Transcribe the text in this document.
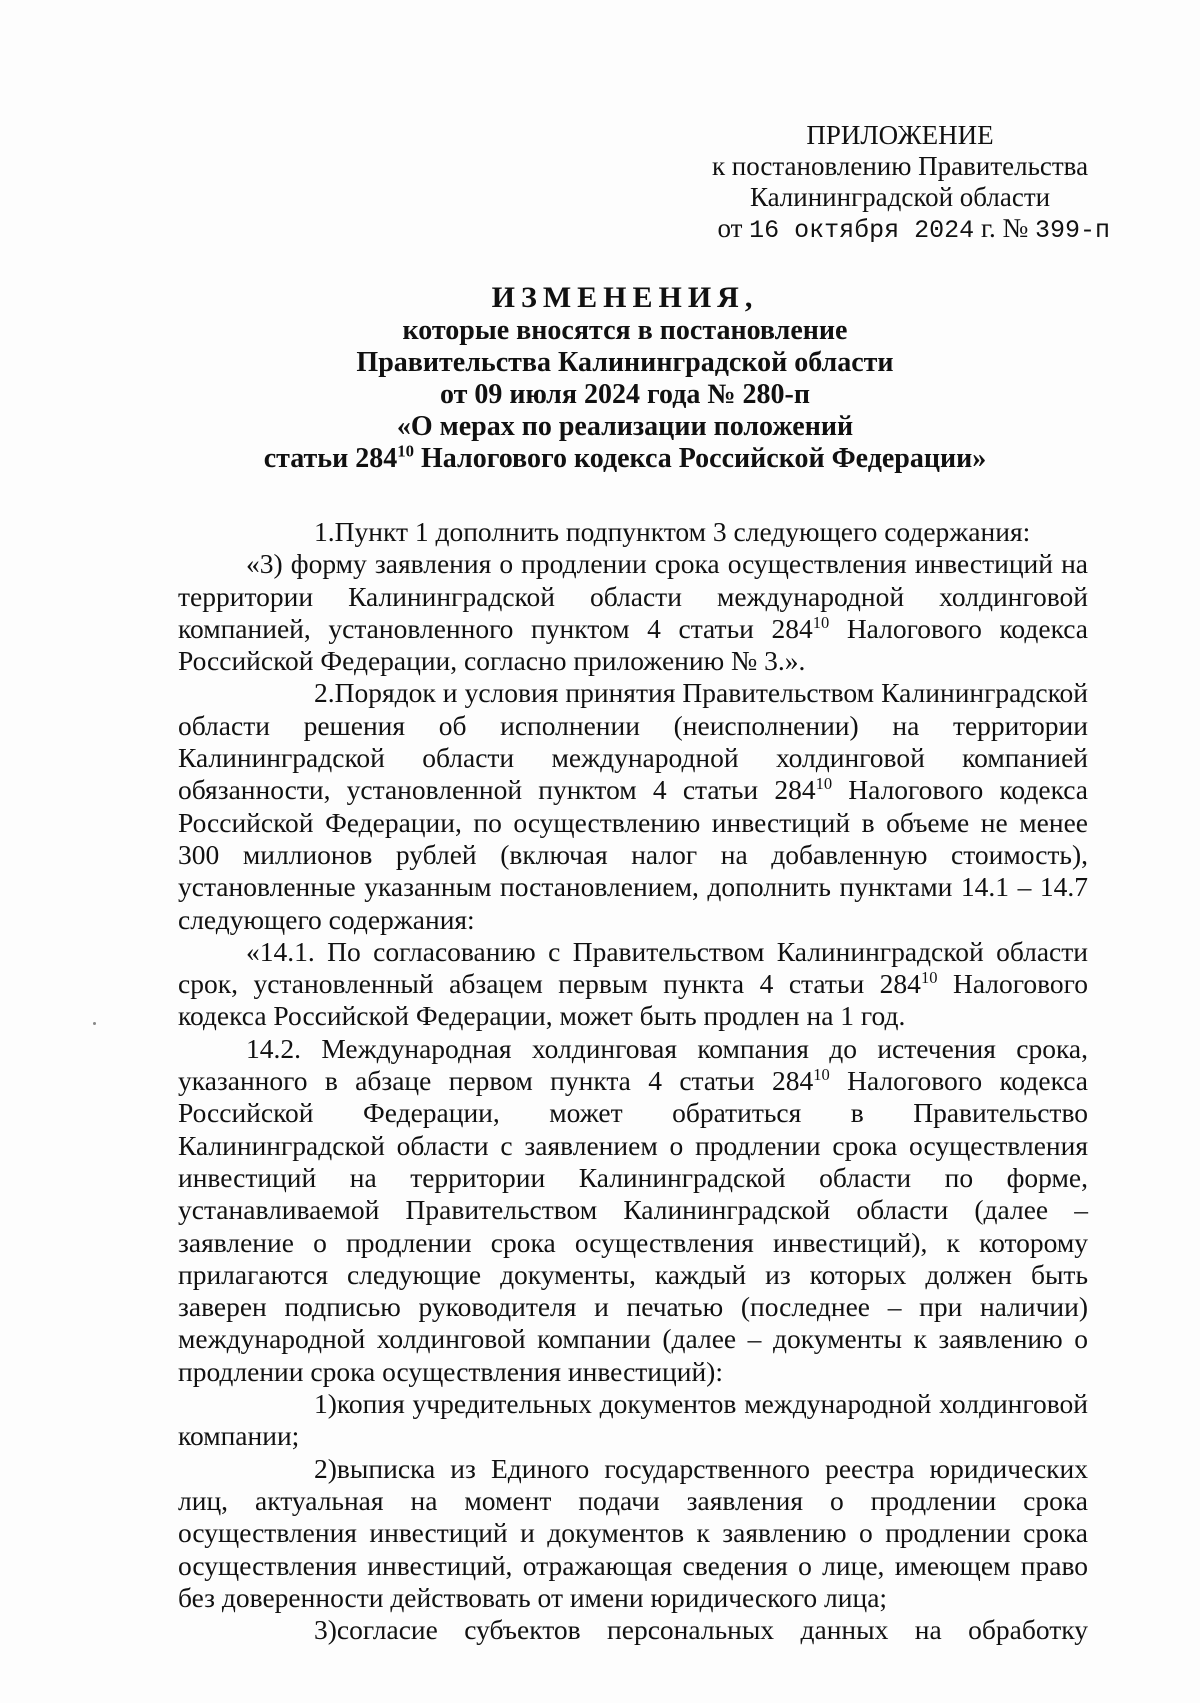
ПРИЛОЖЕНИЕ
к постановлению Правительства
Калининградской области
от 16 октября 2024 г. № 399-п
ИЗМЕНЕНИЯ,
которые вносятся в постановление
Правительства Калининградской области
от 09 июля 2024 года № 280-п
«О мерах по реализации положений
статьи $284^{10}$ Налогового кодекса Российской Федерации»

1.Пункт 1 дополнить подпунктом 3 следующего содержания:

«3) форму заявления о продлении срока осуществления инвестиций на территории Калининградской области международной холдинговой компанией, установленного пунктом 4 статьи $284^{10}$ Налогового кодекса Российской Федерации, согласно приложению № 3.».

2.Порядок и условия принятия Правительством Калининградской области решения об исполнении (неисполнении) на территории Калининградской области международной холдинговой компанией обязанности, установленной пунктом 4 статьи $284^{10}$ Налогового кодекса Российской Федерации, по осуществлению инвестиций в объеме не менее 300 миллионов рублей (включая налог на добавленную стоимость), установленные указанным постановлением, дополнить пунктами 14.1 – 14.7 следующего содержания:

«14.1. По согласованию с Правительством Калининградской области срок, установленный абзацем первым пункта 4 статьи $284^{10}$ Налогового кодекса Российской Федерации, может быть продлен на 1 год.

14.2. Международная холдинговая компания до истечения срока, указанного в абзаце первом пункта 4 статьи $284^{10}$ Налогового кодекса Российской Федерации, может обратиться в Правительство Калининградской области с заявлением о продлении срока осуществления инвестиций на территории Калининградской области по форме, устанавливаемой Правительством Калининградской области (далее – заявление о продлении срока осуществления инвестиций), к которому прилагаются следующие документы, каждый из которых должен быть заверен подписью руководителя и печатью (последнее – при наличии) международной холдинговой компании (далее – документы к заявлению о продлении срока осуществления инвестиций):

1)копия учредительных документов международной холдинговой компании;

2)выписка из Единого государственного реестра юридических лиц, актуальная на момент подачи заявления о продлении срока осуществления инвестиций и документов к заявлению о продлении срока осуществления инвестиций, отражающая сведения о лице, имеющем право без доверенности действовать от имени юридического лица;

3)согласие субъектов персональных данных на обработку
